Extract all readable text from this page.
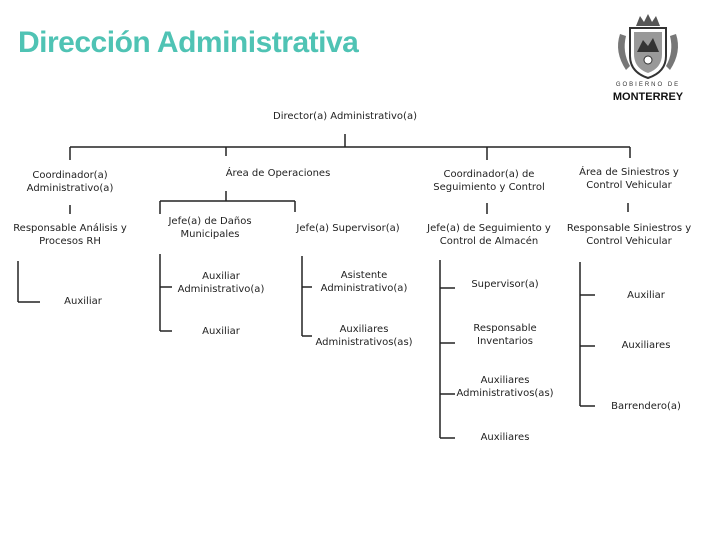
Dirección Administrativa
GOBIERNO DE
MONTERREY
Director(a) Administrativo(a)
Coordinador(a)
Administrativo(a)
Responsable Análisis y
Procesos RH
Auxiliar
Área de Operaciones
Jefe(a) de Daños
Municipales
Auxiliar
Administrativo(a)
Auxiliar
Jefe(a) Supervisor(a)
Asistente
Administrativo(a)
Auxiliares
Administrativos(as)
Coordinador(a) de
Seguimiento y Control
Jefe(a) de Seguimiento y
Control de Almacén
Supervisor(a)
Responsable
Inventarios
Auxiliares
Administrativos(as)
Auxiliares
Área de Siniestros y
Control Vehicular
Responsable Siniestros y
Control Vehicular
Auxiliar
Auxiliares
Barrendero(a)
